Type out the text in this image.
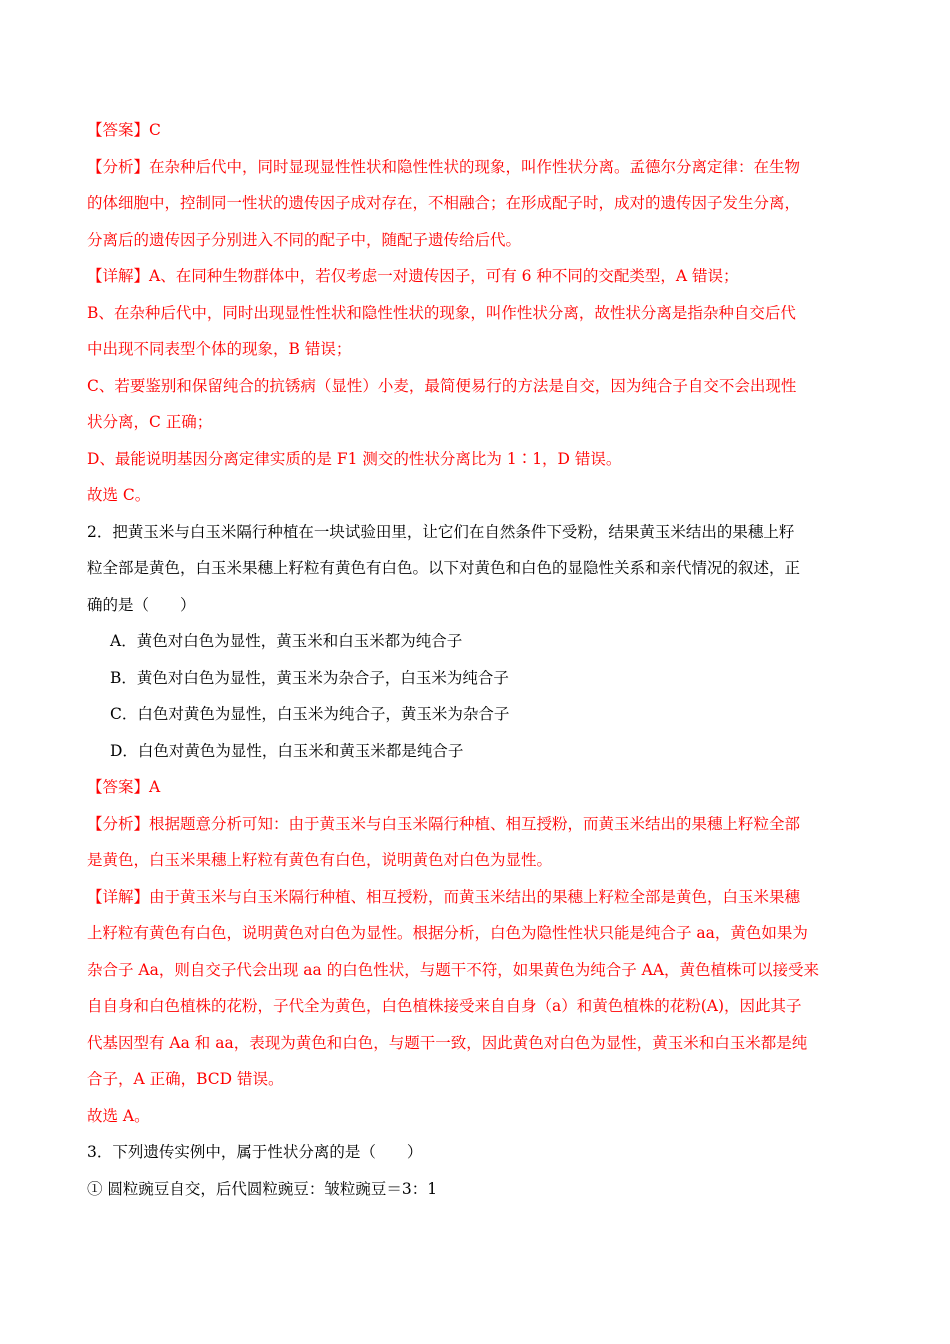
【答案】C
【分析】在杂种后代中，同时显现显性性状和隐性性状的现象，叫作性状分离。孟德尔分离定律：在生物
的体细胞中，控制同一性状的遗传因子成对存在，不相融合；在形成配子时，成对的遗传因子发生分离，
分离后的遗传因子分别进入不同的配子中，随配子遗传给后代。
【详解】A、在同种生物群体中，若仅考虑一对遗传因子，可有 6 种不同的交配类型，A 错误；
B、在杂种后代中，同时出现显性性状和隐性性状的现象，叫作性状分离，故性状分离是指杂种自交后代
中出现不同表型个体的现象，B 错误；
C、若要鉴别和保留纯合的抗锈病（显性）小麦，最简便易行的方法是自交，因为纯合子自交不会出现性
状分离，C 正确；
D、最能说明基因分离定律实质的是 F1 测交的性状分离比为 1∶1，D 错误。
故选 C。
2．把黄玉米与白玉米隔行种植在一块试验田里，让它们在自然条件下受粉，结果黄玉米结出的果穗上籽
粒全部是黄色，白玉米果穗上籽粒有黄色有白色。以下对黄色和白色的显隐性关系和亲代情况的叙述，正
确的是（　　）
A．黄色对白色为显性，黄玉米和白玉米都为纯合子
B．黄色对白色为显性，黄玉米为杂合子，白玉米为纯合子
C．白色对黄色为显性，白玉米为纯合子，黄玉米为杂合子
D．白色对黄色为显性，白玉米和黄玉米都是纯合子
【答案】A
【分析】根据题意分析可知：由于黄玉米与白玉米隔行种植、相互授粉，而黄玉米结出的果穗上籽粒全部
是黄色，白玉米果穗上籽粒有黄色有白色，说明黄色对白色为显性。
【详解】由于黄玉米与白玉米隔行种植、相互授粉，而黄玉米结出的果穗上籽粒全部是黄色，白玉米果穗
上籽粒有黄色有白色，说明黄色对白色为显性。根据分析，白色为隐性性状只能是纯合子 aa，黄色如果为
杂合子 Aa，则自交子代会出现 aa 的白色性状，与题干不符，如果黄色为纯合子 AA，黄色植株可以接受来
自自身和白色植株的花粉，子代全为黄色，白色植株接受来自自身（a）和黄色植株的花粉(A)，因此其子
代基因型有 Aa 和 aa，表现为黄色和白色，与题干一致，因此黄色对白色为显性，黄玉米和白玉米都是纯
合子，A 正确，BCD 错误。
故选 A。
3．下列遗传实例中，属于性状分离的是（　　）
① 圆粒豌豆自交，后代圆粒豌豆：皱粒豌豆＝3：1
